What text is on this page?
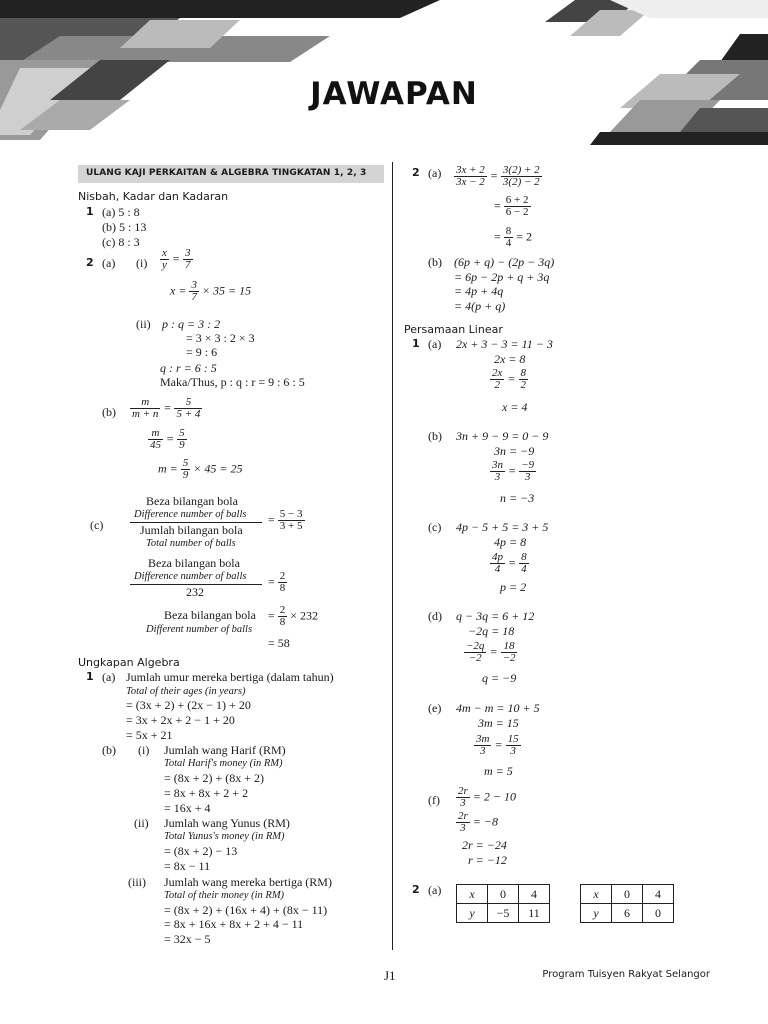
JAWAPAN
ULANG KAJI PERKAITAN & ALGEBRA TINGKATAN 1, 2, 3
Nisbah, Kadar dan Kadaran
1 (a) 5 : 8
(b) 5 : 13
(c) 8 : 3
2 (a) $(i) \frac{x}{y} = \frac{3}{7}$
$x = \frac{3}{7} \times 35 = 15$
(ii) p : q = 3 : 2
= 3 × 3 : 2 × 3
= 9 : 6
q : r = 6 : 5
Maka/Thus, p : q : r = 9 : 6 : 5
$(b) \frac{m}{m + n} = \frac{5}{5 + 4}$
$\frac{m}{45} = \frac{5}{9}$
$m = \frac{5}{9} \times 45 = 25$
(c)
Beza bilangan bola
Difference number of balls
Jumlah bilangan bola
Total number of balls
= $\frac{5 - 3}{3 + 5}$
Beza bilangan bola
Difference number of balls
232
= $\frac{2}{8}$
Beza bilangan bola
Different number of balls
= $\frac{2}{8} \times 232$
= 58
Ungkapan Algebra
1 (a) Jumlah umur mereka bertiga (dalam tahun)
Total of their ages (in years)
= (3x + 2) + (2x − 1) + 20
= 3x + 2x + 2 − 1 + 20
= 5x + 21
(b) (i) Jumlah wang Harif (RM)
Total Harif's money (in RM)
= (8x + 2) + (8x + 2)
= 8x + 8x + 2 + 2
= 16x + 4
(ii) Jumlah wang Yunus (RM)
Total Yunus's money (in RM)
= (8x + 2) − 13
= 8x − 11
(iii) Jumlah wang mereka bertiga (RM)
Total of their money (in RM)
= (8x + 2) + (16x + 4) + (8x − 11)
= 8x + 16x + 8x + 2 + 4 − 11
= 32x − 5
2 $(a) \frac{3x + 2}{3x - 2} = \frac{3(2) + 2}{3(2) - 2}$
= $\frac{6 + 2}{6 - 2}$
= $\frac{8}{4} = 2$
(b) (6p + q) − (2p − 3q)
= 6p − 2p + q + 3q
= 4p + 4q
= 4(p + q)
Persamaan Linear
1 (a) 2x + 3 − 3 = 11 − 3
2x = 8
$\frac{2x}{2} = \frac{8}{2}$
x = 4
(b) 3n + 9 − 9 = 0 − 9
3n = −9
$\frac{3n}{3} = \frac{-9}{3}$
n = −3
(c) 4p − 5 + 5 = 3 + 5
4p = 8
$\frac{4p}{4} = \frac{8}{4}$
p = 2
(d) q − 3q = 6 + 12
−2q = 18
$\frac{-2q}{-2} = \frac{18}{-2}$
q = −9
(e) 4m − m = 10 + 5
3m = 15
$\frac{3m}{3} = \frac{15}{3}$
m = 5
$(f) \frac{2r}{3} = 2 - 10$
$\frac{2r}{3} = -8$
2r = −24
r = −12
2 (a) x	0	4
y	−5	11
x	0	4
y	6	0
J1	Program Tuisyen Rakyat Selangor
